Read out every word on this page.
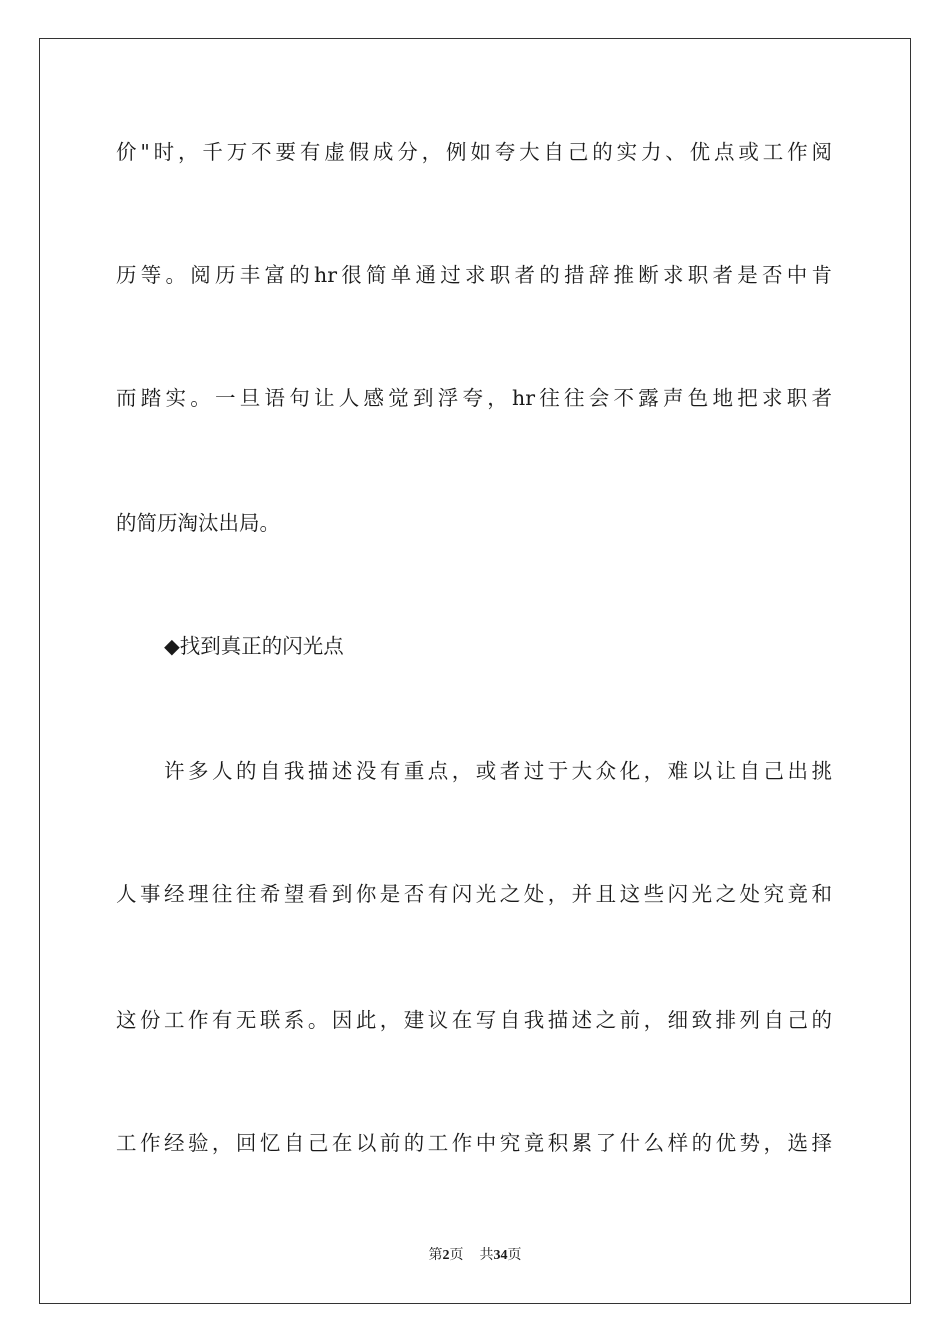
价"时，千万不要有虚假成分，例如夸大自己的实力、优点或工作阅
历等。阅历丰富的hr很简单通过求职者的措辞推断求职者是否中肯
而踏实。一旦语句让人感觉到浮夸，hr往往会不露声色地把求职者
的简历淘汰出局。
◆找到真正的闪光点
许多人的自我描述没有重点，或者过于大众化，难以让自己出挑
人事经理往往希望看到你是否有闪光之处，并且这些闪光之处究竟和
这份工作有无联系。因此，建议在写自我描述之前，细致排列自己的
工作经验，回忆自己在以前的工作中究竟积累了什么样的优势，选择
第2页 共34页
